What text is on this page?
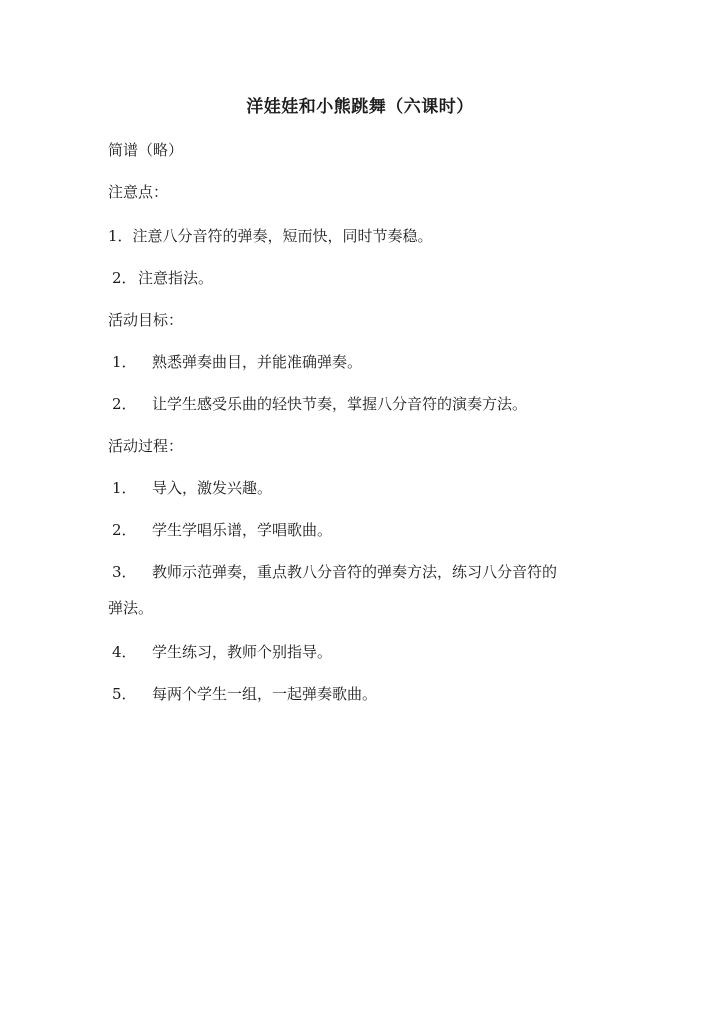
洋娃娃和小熊跳舞（六课时）
简谱（略）
注意点：
1．注意八分音符的弹奏，短而快，同时节奏稳。
2．注意指法。
活动目标：
1． 熟悉弹奏曲目，并能准确弹奏。
2． 让学生感受乐曲的轻快节奏，掌握八分音符的演奏方法。
活动过程：
1． 导入，激发兴趣。
2． 学生学唱乐谱，学唱歌曲。
3． 教师示范弹奏，重点教八分音符的弹奏方法，练习八分音符的
弹法。
4． 学生练习，教师个别指导。
5． 每两个学生一组，一起弹奏歌曲。
